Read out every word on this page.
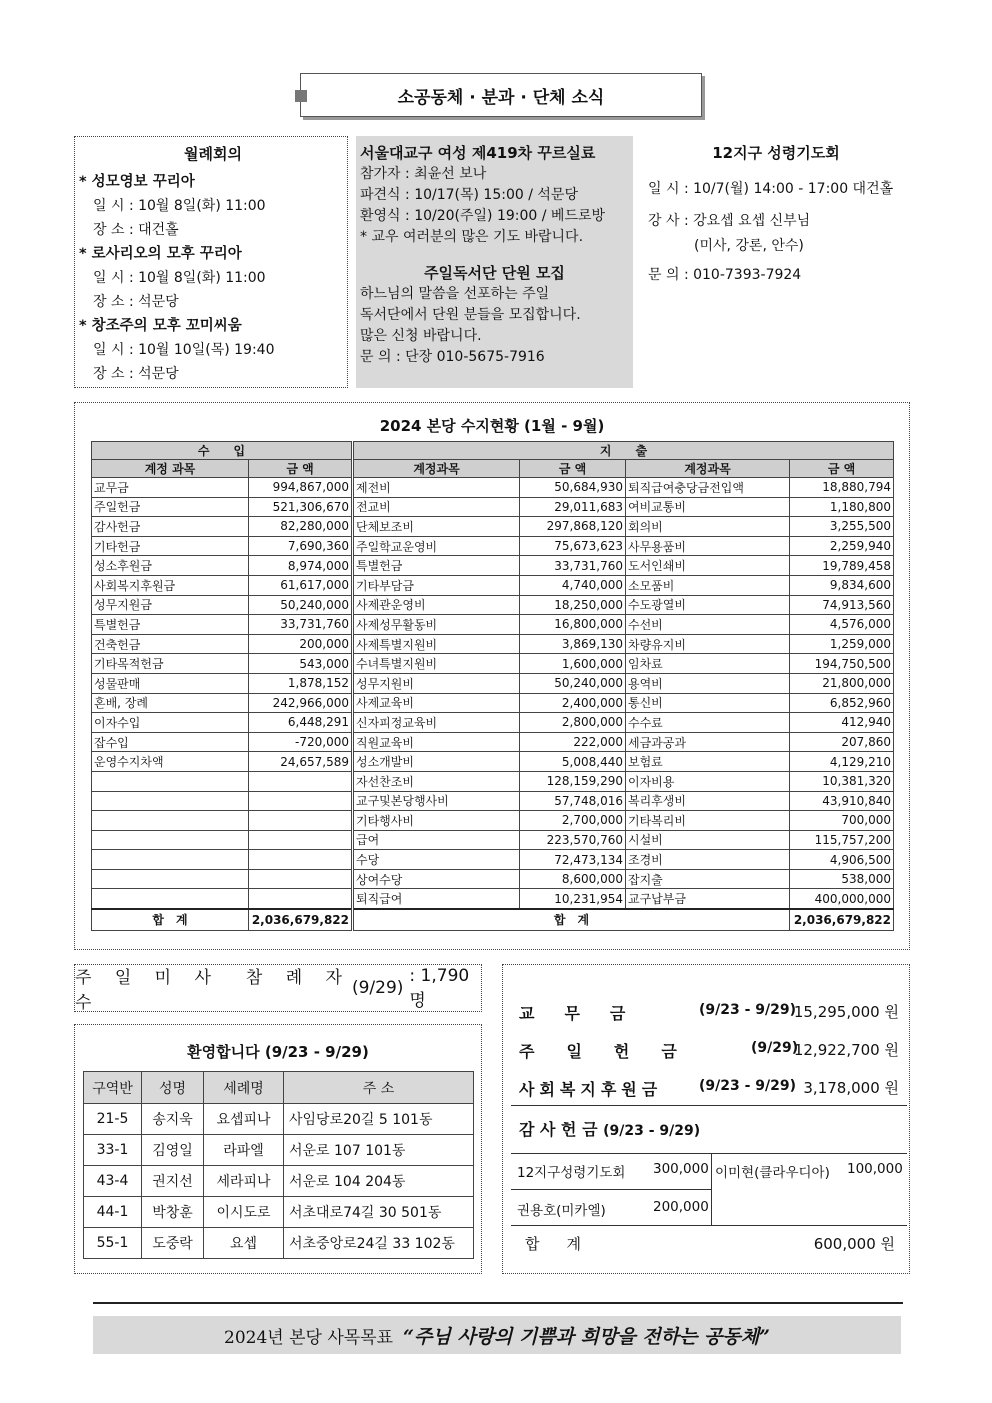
소공동체 · 분과 · 단체 소식
월례회의
* 성모영보 꾸리아
일 시 : 10월 8일(화) 11:00
장 소 : 대건홀
* 로사리오의 모후 꾸리아
일 시 : 10월 8일(화) 11:00
장 소 : 석문당
* 창조주의 모후 꼬미씨움
일 시 : 10월 10일(목) 19:40
장 소 : 석문당
서울대교구 여성 제419차 꾸르실료
참가자 : 최윤선 보나
파견식 : 10/17(목) 15:00 / 석문당
환영식 : 10/20(주일) 19:00 / 베드로방
* 교우 여러분의 많은 기도 바랍니다.
주일독서단 단원 모집
하느님의 말씀을 선포하는 주일
독서단에서 단원 분들을 모집합니다.
많은 신청 바랍니다.
문 의 : 단장 010-5675-7916
12지구 성령기도회
일 시 : 10/7(월) 14:00 - 17:00 대건홀
강 사 : 강요셉 요셉 신부님
(미사, 강론, 안수)
문 의 : 010-7393-7924
2024 본당 수지현황 (1월 - 9월)
수　　입		지　　출			
계정 과목	금 액	계정과목	금 액	계정과목	금 액
교무금	994,867,000	제전비	50,684,930	퇴직급여충당금전입액	18,880,794
주일헌금	521,306,670	전교비	29,011,683	여비교통비	1,180,800
감사헌금	82,280,000	단체보조비	297,868,120	회의비	3,255,500
기타헌금	7,690,360	주일학교운영비	75,673,623	사무용품비	2,259,940
성소후원금	8,974,000	특별헌금	33,731,760	도서인쇄비	19,789,458
사회복지후원금	61,617,000	기타부담금	4,740,000	소모품비	9,834,600
성무지원금	50,240,000	사제관운영비	18,250,000	수도광열비	74,913,560
특별헌금	33,731,760	사제성무활동비	16,800,000	수선비	4,576,000
건축헌금	200,000	사제특별지원비	3,869,130	차량유지비	1,259,000
기타목적헌금	543,000	수녀특별지원비	1,600,000	임차료	194,750,500
성물판매	1,878,152	성무지원비	50,240,000	용역비	21,800,000
혼배, 장례	242,966,000	사제교육비	2,400,000	통신비	6,852,960
이자수입	6,448,291	신자피정교육비	2,800,000	수수료	412,940
잡수입	-720,000	직원교육비	222,000	세금과공과	207,860
운영수지차액	24,657,589	성소개발비	5,008,440	보험료	4,129,210
		자선찬조비	128,159,290	이자비용	10,381,320
		교구및본당행사비	57,748,016	복리후생비	43,910,840
		기타행사비	2,700,000	기타복리비	700,000
		급여	223,570,760	시설비	115,757,200
		수당	72,473,134	조경비	4,906,500
		상여수당	8,600,000	잡지출	538,000
		퇴직급여	10,231,954	교구납부금	400,000,000
합　계	2,036,679,822	합　계			2,036,679,822
주 일 미 사　참 례 자 수
(9/29)
: 1,790 명
환영합니다 (9/23 - 9/29)
구역반	성명	세례명	주 소
21-5	송지욱	요셉피나	사임당로20길 5 101동
33-1	김영일	라파엘	서운로 107 101동
43-4	권지선	세라피나	서운로 104 204동
44-1	박창훈	이시도로	서초대로74길 30 501동
55-1	도중락	요셉	서초중앙로24길 33 102동
교무금	(9/23 - 9/29)
15,295,000 원
주일헌금	(9/29)
12,922,700 원
사회복지후원금	(9/23 - 9/29) 3,178,000 원
감 사 헌 금 (9/23 - 9/29)
12지구성령기도회 300,000 이미현(클라우디아) 100,000
권용호(미카엘)	200,000
합　계	600,000 원
2024년 본당 사목목표 “주님 사랑의 기쁨과 희망을 전하는 공동체”
